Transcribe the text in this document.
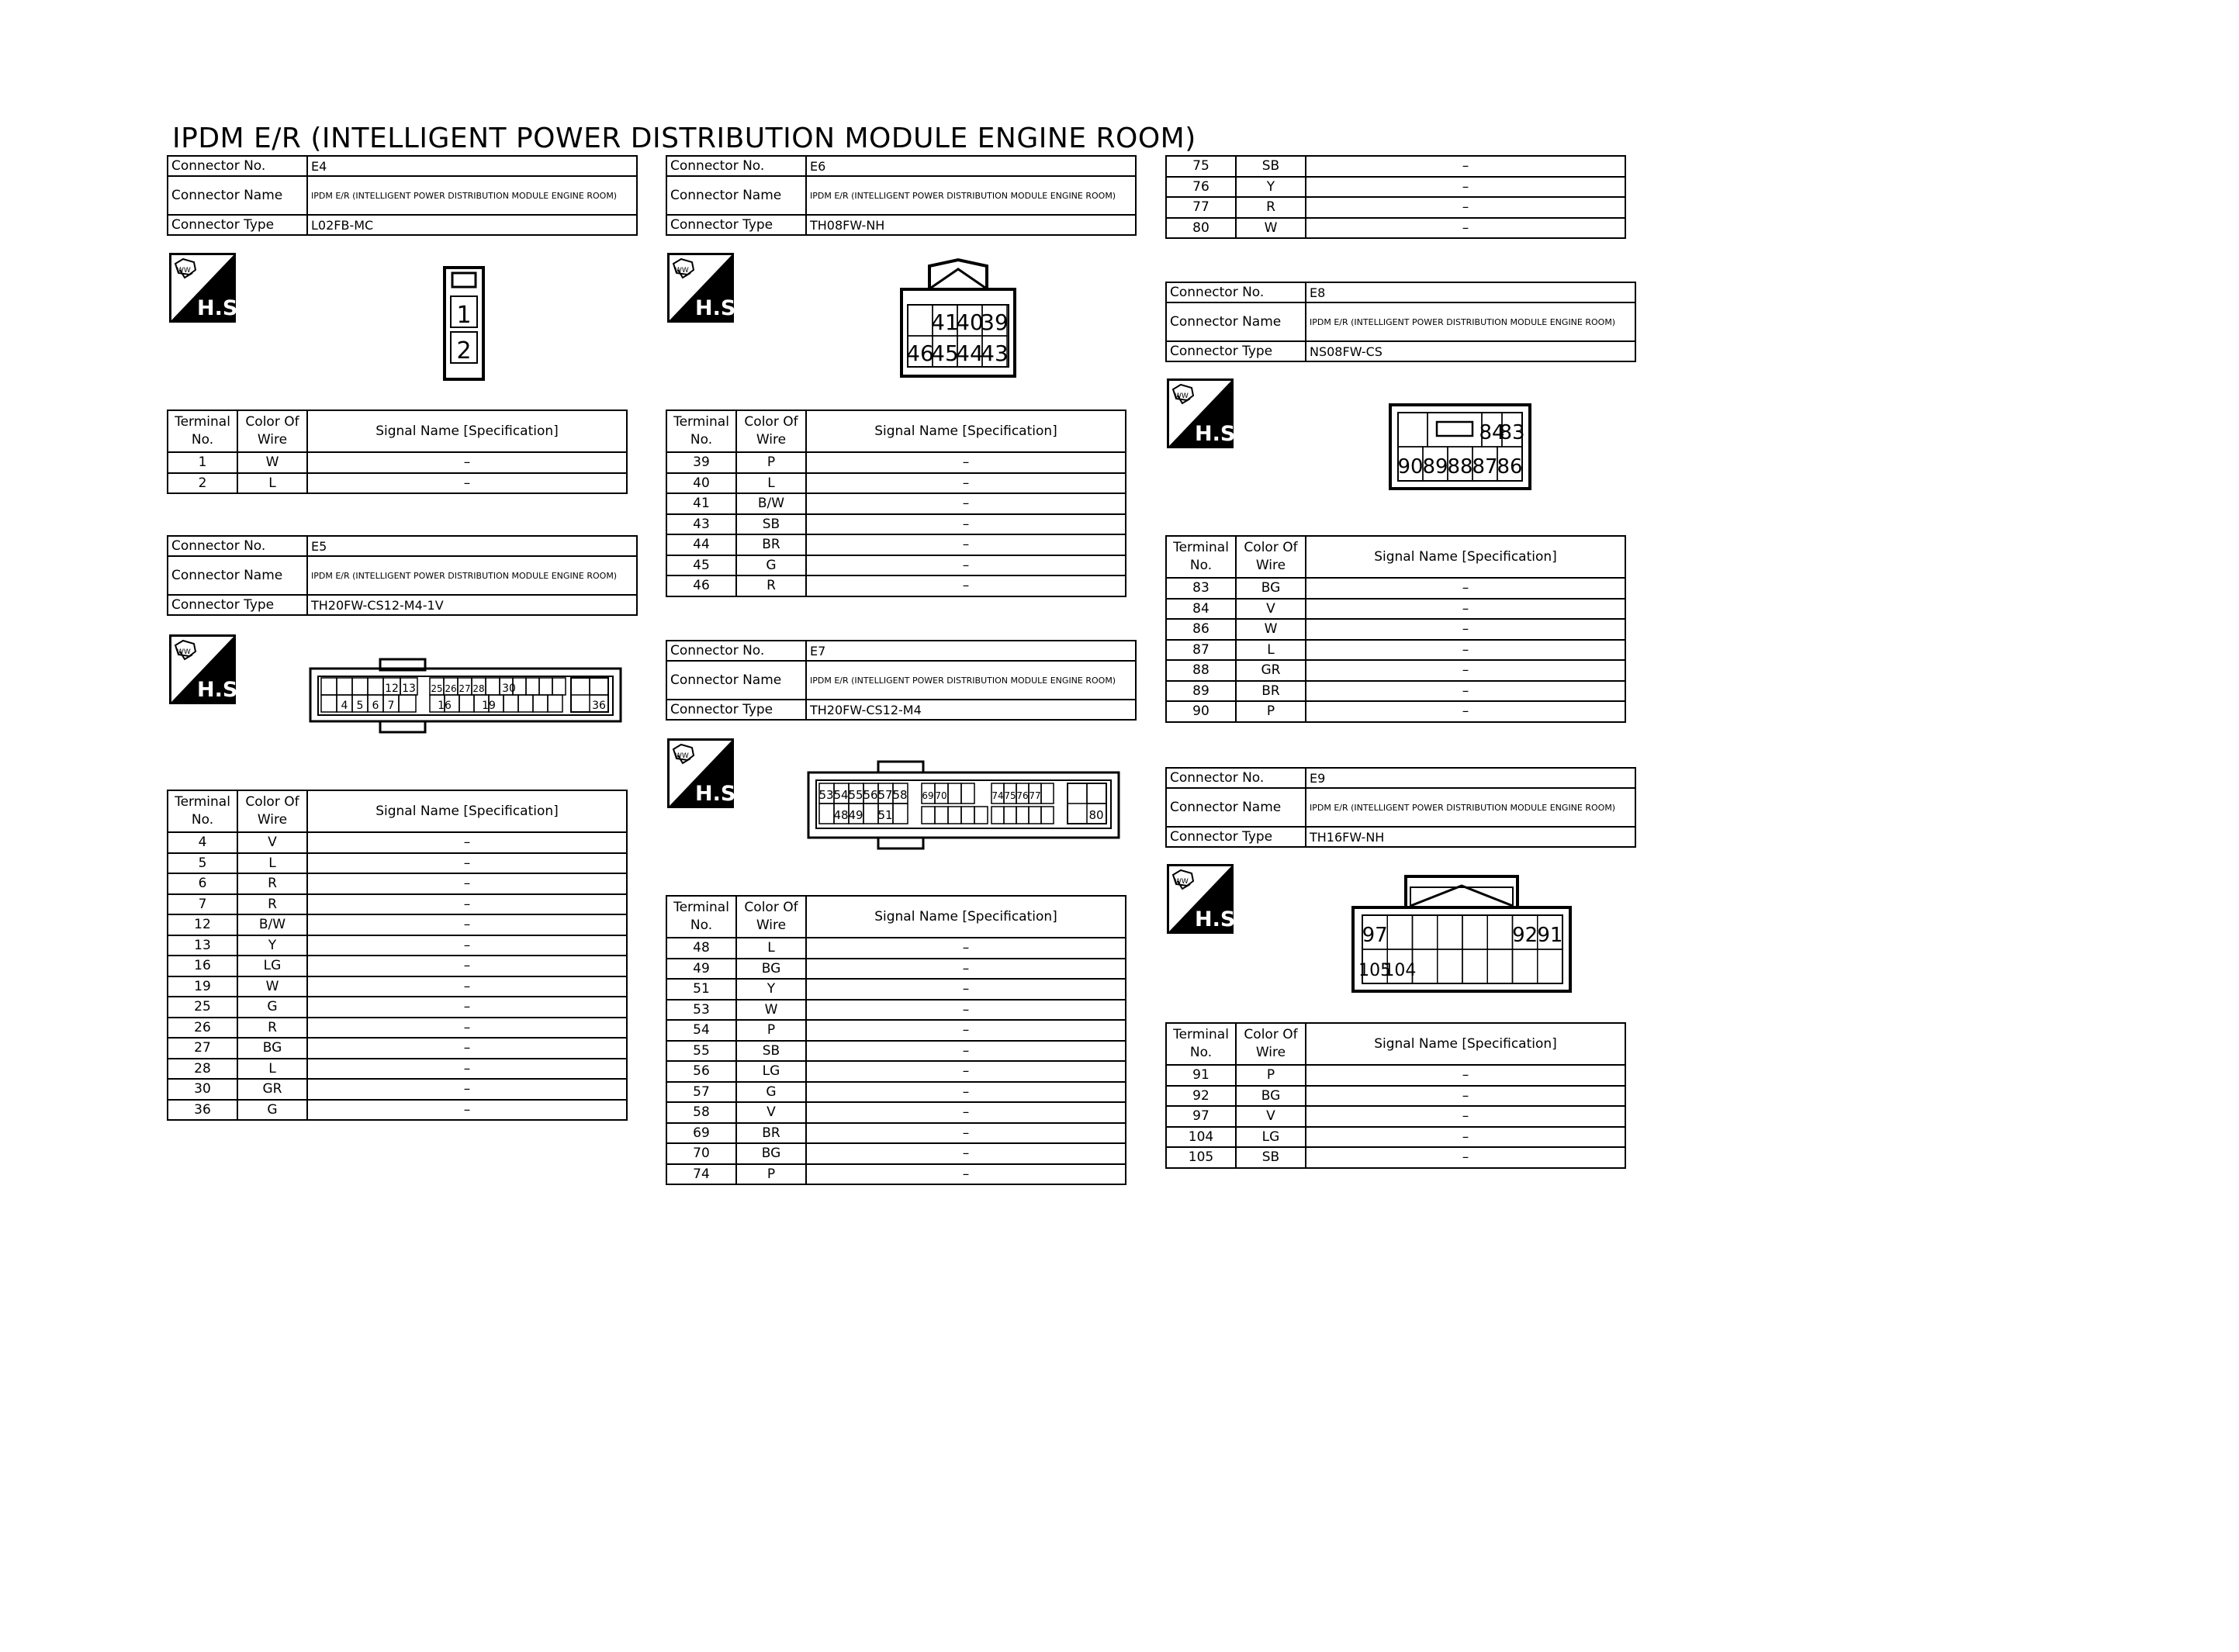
IPDM E/R (INTELLIGENT POWER DISTRIBUTION MODULE ENGINE ROOM)
Connector No.	E4
Connector Name	IPDM E/R (INTELLIGENT POWER DISTRIBUTION MODULE ENGINE ROOM)
Connector Type	L02FB-MC
WW
H.S.	1
2
Terminal No.	Color Of Wire	Signal Name [Specification]
1	W	–
2	L	–
Connector No.	E5
Connector Name	IPDM E/R (INTELLIGENT POWER DISTRIBUTION MODULE ENGINE ROOM)
Connector Type	TH20FW-CS12-M4-1V
WW
H.S.	12 13
4 5 6 7
25 26 27 28 30
16	19	36
Terminal No.	Color Of Wire	Signal Name [Specification]
4	V	–
5	L	–
6	R	–
7	R	–
12	B/W	–
13	Y	–
16	LG	–
19	W	–
25	G	–
26	R	–
27	BG	–
28	L	–
30	GR	–
36	G	–
Connector No.	E6
Connector Name	IPDM E/R (INTELLIGENT POWER DISTRIBUTION MODULE ENGINE ROOM)
Connector Type	TH08FW-NH
WW
H.S.
41
40
39
46
45
44
43
Terminal No.	Color Of Wire	Signal Name [Specification]
39	P	–
40	L	–
41	B/W	–
43	SB	–
44	BR	–
45	G	–
46	R	–
Connector No.	E7
Connector Name	IPDM E/R (INTELLIGENT POWER DISTRIBUTION MODULE ENGINE ROOM)
Connector Type	TH20FW-CS12-M4
WW
H.S.	53 54 55 56 57 58
48 49 51
69 70	74 75 76 77
80
Terminal No.	Color Of Wire	Signal Name [Specification]
48	L	–
49	BG	–
51	Y	–
53	W	–
54	P	–
55	SB	–
56	LG	–
57	G	–
58	V	–
69	BR	–
70	BG	–
74	P	–
75	SB	–
76	Y	–
77	R	–
80	W	–
Connector No.	E8
Connector Name	IPDM E/R (INTELLIGENT POWER DISTRIBUTION MODULE ENGINE ROOM)
Connector Type	NS08FW-CS
WW
H.S.	84
83
90
89
88
87
86
Terminal No.	Color Of Wire	Signal Name [Specification]
83	BG	–
84	V	–
86	W	–
87	L	–
88	GR	–
89	BR	–
90	P	–
Connector No.	E9
Connector Name	IPDM E/R (INTELLIGENT POWER DISTRIBUTION MODULE ENGINE ROOM)
Connector Type	TH16FW-NH
WW
H.S.
97	92 91
105
104
Terminal No.	Color Of Wire	Signal Name [Specification]
91	P	–
92	BG	–
97	V	–
104	LG	–
105	SB	–
